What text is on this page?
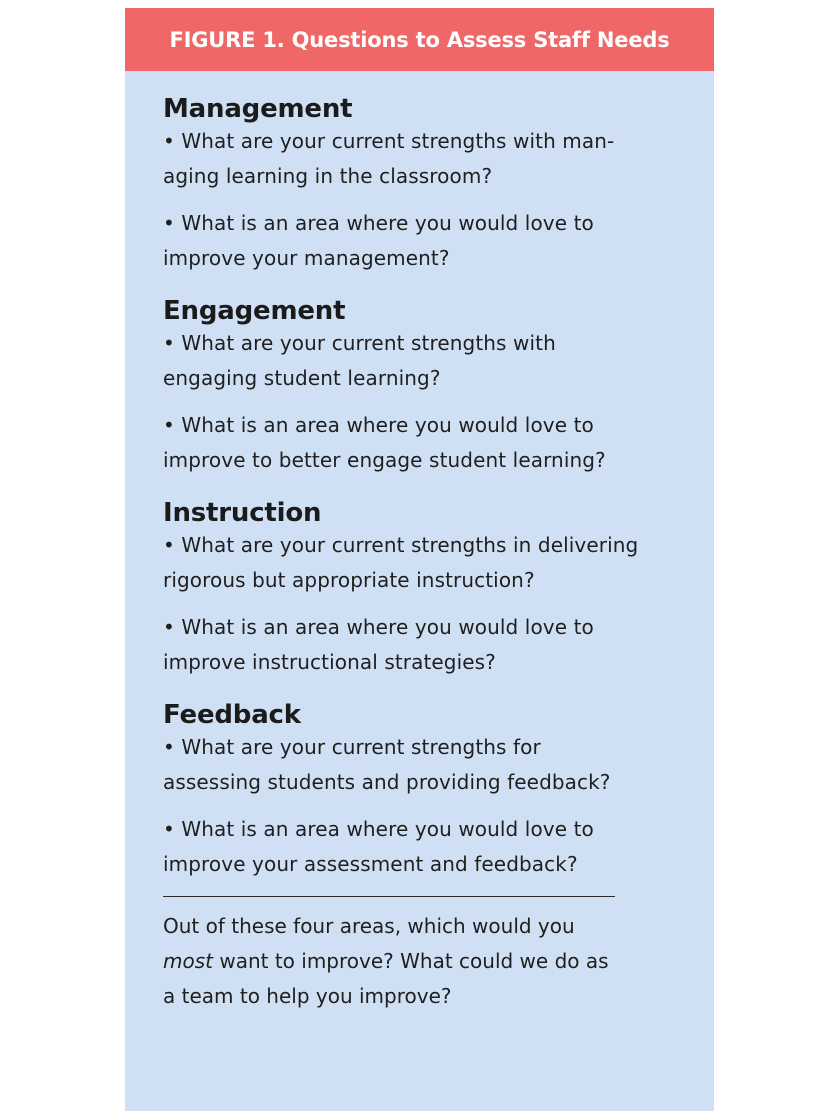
FIGURE 1. Questions to Assess Staff Needs
Management

• What are your current strengths with man-
aging learning in the classroom?

• What is an area where you would love to
improve your management?

Engagement

• What are your current strengths with
engaging student learning?

• What is an area where you would love to
improve to better engage student learning?

Instruction

• What are your current strengths in delivering
rigorous but appropriate instruction?

• What is an area where you would love to
improve instructional strategies?

Feedback

• What are your current strengths for
assessing students and providing feedback?

• What is an area where you would love to
improve your assessment and feedback?

Out of these four areas, which would you
most want to improve? What could we do as
a team to help you improve?
